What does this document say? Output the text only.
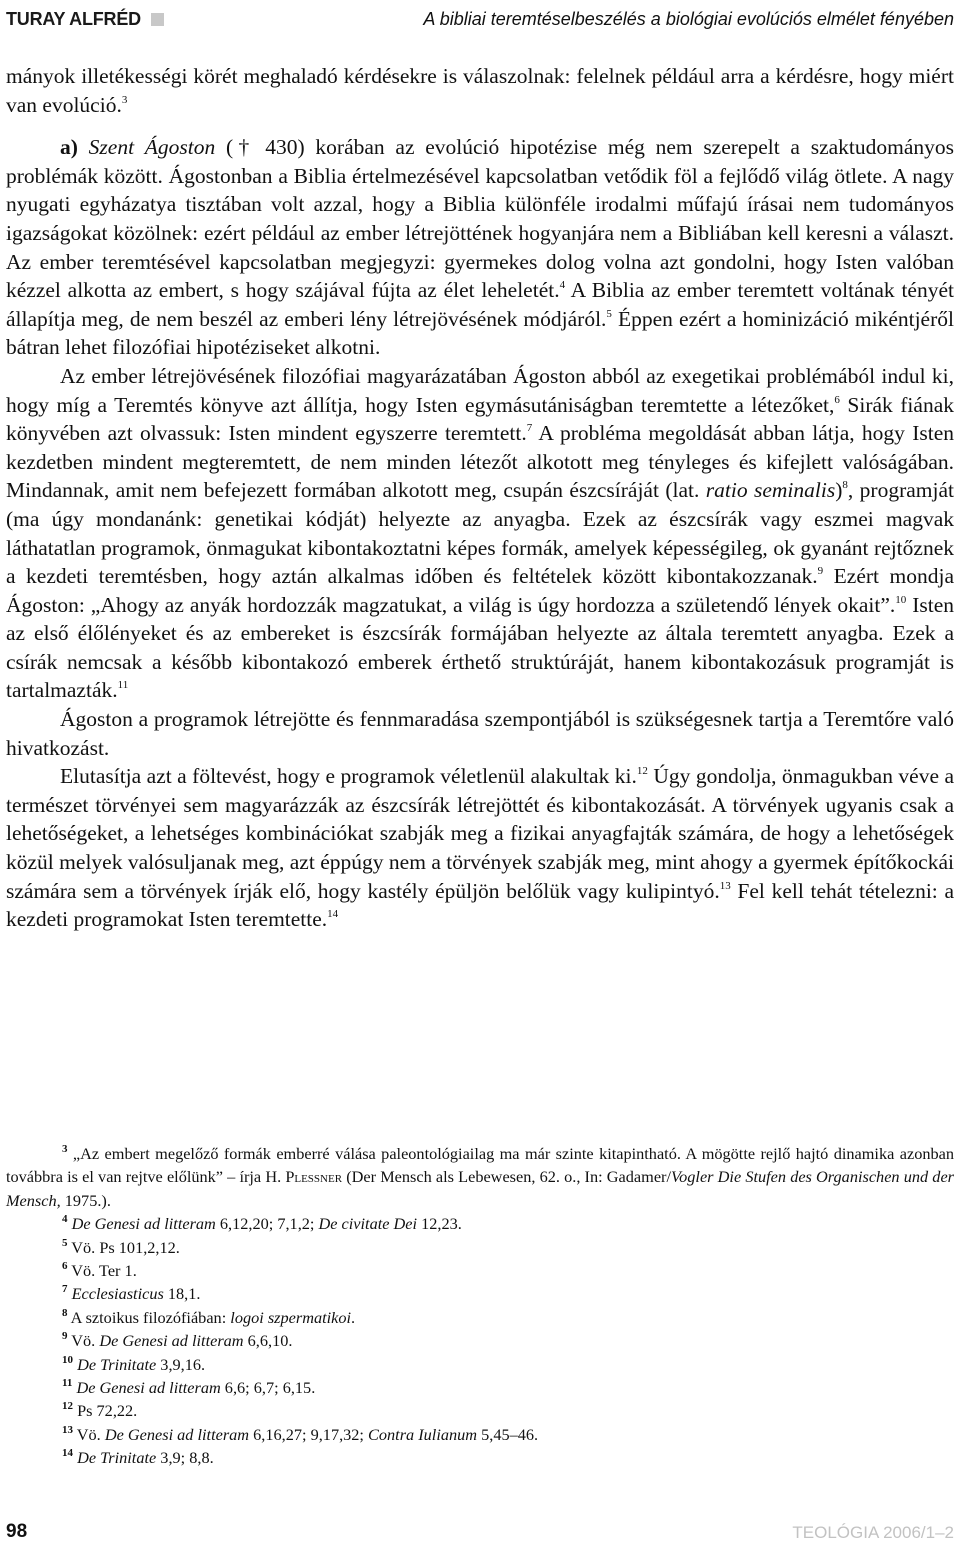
TURAY ALFRÉD	A bibliai teremtéselbeszélés a biológiai evolúciós elmélet fényében

mányok illetékességi körét meghaladó kérdésekre is válaszolnak: felelnek például arra a kérdésre, hogy miért van evolúció.$^3$

a) Szent Ágoston († 430) korában az evolúció hipotézise még nem szerepelt a szaktudományos problémák között. Ágostonban a Biblia értelmezésével kapcsolatban vetődik föl a fejlődő világ ötlete. A nagy nyugati egyházatya tisztában volt azzal, hogy a Biblia különféle irodalmi műfajú írásai nem tudományos igazságokat közölnek: ezért például az ember létrejöttének hogyanjára nem a Bibliában kell keresni a választ. Az ember teremtésével kapcsolatban megjegyzi: gyermekes dolog volna azt gondolni, hogy Isten valóban kézzel alkotta az embert, s hogy szájával fújta az élet leheletét.$^4$ A Biblia az ember teremtett voltának tényét állapítja meg, de nem beszél az emberi lény létrejövésének módjáról.$^5$ Éppen ezért a hominizáció mikéntjéről bátran lehet filozófiai hipotéziseket alkotni.

Az ember létrejövésének filozófiai magyarázatában Ágoston abból az exegetikai problémából indul ki, hogy míg a Teremtés könyve azt állítja, hogy Isten egymásutániságban teremtette a létezőket,$^6$ Sirák fiának könyvében azt olvassuk: Isten mindent egyszerre teremtett.$^7$ A probléma megoldását abban látja, hogy Isten kezdetben mindent megteremtett, de nem minden létezőt alkotott meg tényleges és kifejlett valóságában. Mindannak, amit nem befejezett formában alkotott meg, csupán észcsíráját (lat. ratio seminalis)$^8$, programját (ma úgy mondanánk: genetikai kódját) helyezte az anyagba. Ezek az észcsírák vagy eszmei magvak láthatatlan programok, önmagukat kibontakoztatni képes formák, amelyek képességileg, ok gyanánt rejtőznek a kezdeti teremtésben, hogy aztán alkalmas időben és feltételek között kibontakozzanak.$^9$ Ezért mondja Ágoston: „Ahogy az anyák hordozzák magzatukat, a világ is úgy hordozza a születendő lények okait”.$^{10}$ Isten az első élőlényeket és az embereket is észcsírák formájában helyezte az általa teremtett anyagba. Ezek a csírák nemcsak a később kibontakozó emberek érthető struktúráját, hanem kibontakozásuk programját is tartalmazták.$^{11}$

Ágoston a programok létrejötte és fennmaradása szempontjából is szükségesnek tartja a Teremtőre való hivatkozást.

Elutasítja azt a föltevést, hogy e programok véletlenül alakultak ki.$^{12}$ Úgy gondolja, önmagukban véve a természet törvényei sem magyarázzák az észcsírák létrejöttét és kibontakozását. A törvények ugyanis csak a lehetőségeket, a lehetséges kombinációkat szabják meg a fizikai anyagfajták számára, de hogy a lehetőségek közül melyek valósuljanak meg, azt éppúgy nem a törvények szabják meg, mint ahogy a gyermek építőkockái számára sem a törvények írják elő, hogy kastély épüljön belőlük vagy kulipintyó.$^{13}$ Fel kell tehát tételezni: a kezdeti programokat Isten teremtette.$^{14}$

$^3$ „Az embert megelőző formák emberré válása paleontológiailag ma már szinte kitapintható. A mögötte rejlő hajtó dinamika azonban továbbra is el van rejtve előlünk” – írja H. Plessner (Der Mensch als Lebewesen, 62. o., In: Gadamer/Vogler Die Stufen des Organischen und der Mensch, 1975.).

$^4$ De Genesi ad litteram 6,12,20; 7,1,2; De civitate Dei 12,23.

$^5$ Vö. Ps 101,2,12.

$^6$ Vö. Ter 1.

$^7$ Ecclesiasticus 18,1.

$^8$ A sztoikus filozófiában: logoi szpermatikoi.

$^9$ Vö. De Genesi ad litteram 6,6,10.

$^{10}$ De Trinitate 3,9,16.

$^{11}$ De Genesi ad litteram 6,6; 6,7; 6,15.

$^{12}$ Ps 72,22.

$^{13}$ Vö. De Genesi ad litteram 6,16,27; 9,17,32; Contra Iulianum 5,45–46.

$^{14}$ De Trinitate 3,9; 8,8.

98	TEOLÓGIA 2006/1–2
